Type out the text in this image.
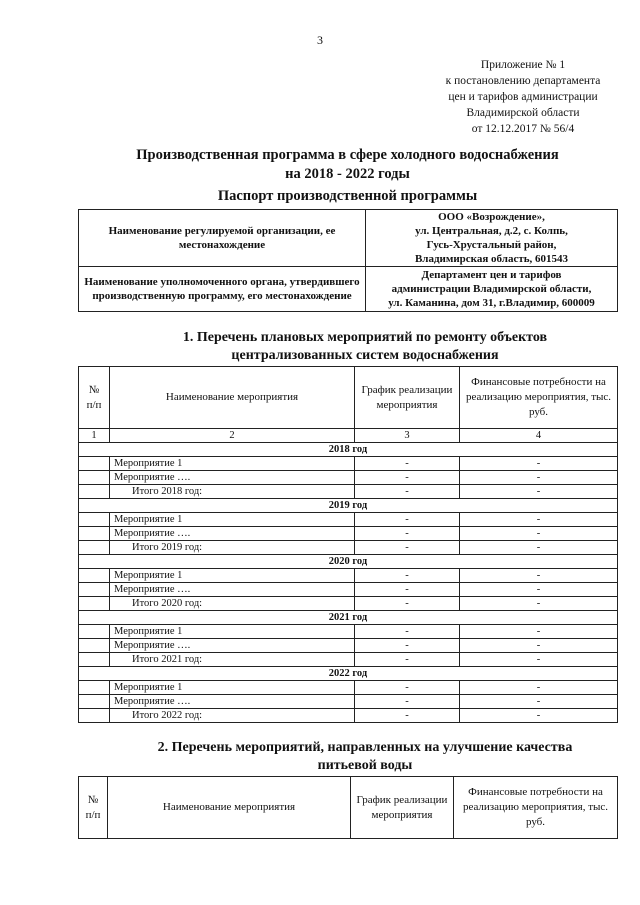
3
Приложение № 1
к постановлению департамента
цен и тарифов администрации
Владимирской области
от 12.12.2017 № 56/4
Производственная программа в сфере холодного водоснабжения
на 2018 - 2022 годы
Паспорт производственной программы
Наименование регулируемой организации, ее местонахождение	ООО «Возрождение»,
ул. Центральная, д.2, с. Колпь,
Гусь-Хрустальный район,
Владимирская область, 601543

Наименование уполномоченного органа, утвердившего производственную программу, его местонахождение	Департамент цен и тарифов
администрации Владимирской области,
ул. Каманина, дом 31, г.Владимир, 600009
1. Перечень плановых мероприятий по ремонту объектов
централизованных систем водоснабжения
№ п/п	Наименование мероприятия	График реализации мероприятия	Финансовые потребности на реализацию мероприятия, тыс. руб.
1	2	3	4
2018 год			
	Мероприятие 1	-	-
	Мероприятие ….	-	-
	Итого 2018 год:	-	-
2019 год			
	Мероприятие 1	-	-
	Мероприятие ….	-	-
	Итого 2019 год:	-	-
2020 год			
	Мероприятие 1	-	-
	Мероприятие ….	-	-
	Итого 2020 год:	-	-
2021 год			
	Мероприятие 1	-	-
	Мероприятие ….	-	-
	Итого 2021 год:	-	-
2022 год			
	Мероприятие 1	-	-
	Мероприятие ….	-	-
	Итого 2022 год:	-	-
2. Перечень мероприятий, направленных на улучшение качества
питьевой воды
№ п/п	Наименование мероприятия	График реализации мероприятия	Финансовые потребности на реализацию мероприятия, тыс. руб.
